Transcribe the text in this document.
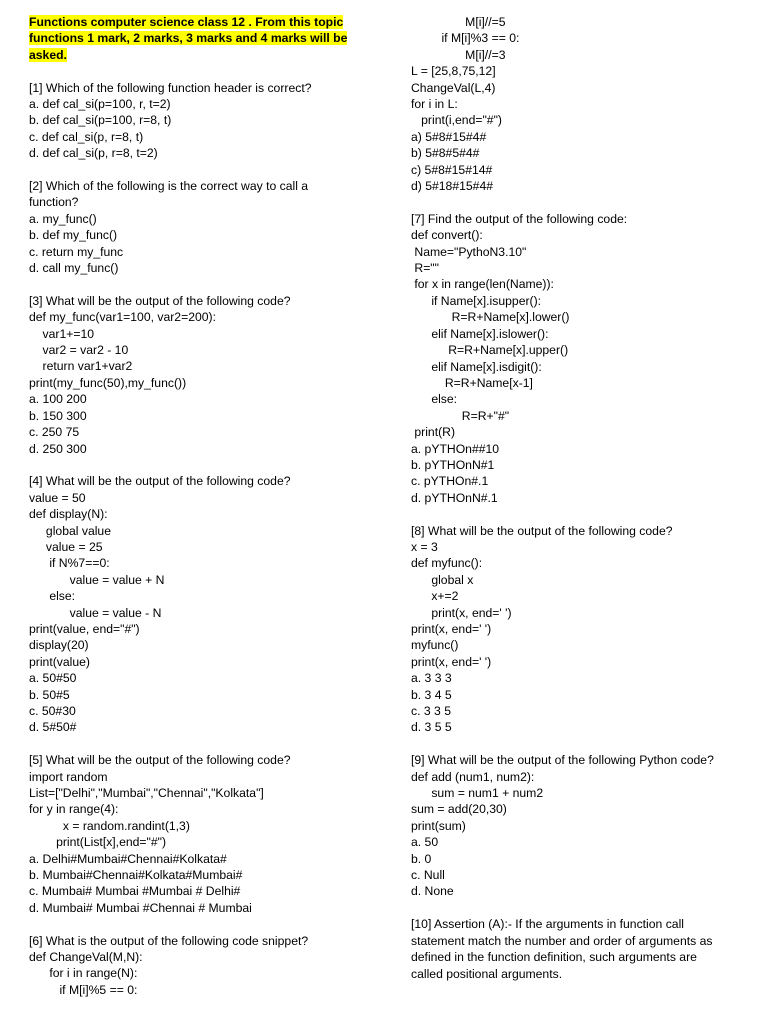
Functions computer science class 12 . From this topic functions 1 mark, 2 marks, 3 marks and 4 marks will be asked.
[1] Which of the following function header is correct?
a. def cal_si(p=100, r, t=2)
b. def cal_si(p=100, r=8, t)
c. def cal_si(p, r=8, t)
d. def cal_si(p, r=8, t=2)
[2] Which of the following is the correct way to call a
function?
a. my_func()
b. def my_func()
c. return my_func
d. call my_func()
[3] What will be the output of the following code?
def my_func(var1=100, var2=200):
var1+=10
var2 = var2 - 10
return var1+var2
print(my_func(50),my_func())
a. 100 200
b. 150 300
c. 250 75
d. 250 300
[4] What will be the output of the following code?
value = 50
def display(N):
global value
value = 25
if N%7==0:
value = value + N
else:
value = value - N
print(value, end="#")
display(20)
print(value)
a. 50#50
b. 50#5
c. 50#30
d. 5#50#
[5] What will be the output of the following code?
import random
List=["Delhi","Mumbai","Chennai","Kolkata"]
for y in range(4):
x = random.randint(1,3)
print(List[x],end="#")
a. Delhi#Mumbai#Chennai#Kolkata#
b. Mumbai#Chennai#Kolkata#Mumbai#
c. Mumbai# Mumbai #Mumbai # Delhi#
d. Mumbai# Mumbai #Chennai # Mumbai
[6] What is the output of the following code snippet?
def ChangeVal(M,N):
for i in range(N):
if M[i]%5 == 0:
M[i]//=5
if M[i]%3 == 0:
M[i]//=3
L = [25,8,75,12]
ChangeVal(L,4)
for i in L:
print(i,end="#")
a) 5#8#15#4#
b) 5#8#5#4#
c) 5#8#15#14#
d) 5#18#15#4#
[7] Find the output of the following code:
def convert():
Name="PythoN3.10"
R=""
for x in range(len(Name)):
if Name[x].isupper():
R=R+Name[x].lower()
elif Name[x].islower():
R=R+Name[x].upper()
elif Name[x].isdigit():
R=R+Name[x-1]
else:
R=R+"#"
print(R)
a. pYTHOn##10
b. pYTHOnN#1
c. pYTHOn#.1
d. pYTHOnN#.1
[8] What will be the output of the following code?
x = 3
def myfunc():
global x
x+=2
print(x, end=' ')
print(x, end=' ')
myfunc()
print(x, end=' ')
a. 3 3 3
b. 3 4 5
c. 3 3 5
d. 3 5 5
[9] What will be the output of the following Python code?
def add (num1, num2):
sum = num1 + num2
sum = add(20,30)
print(sum)
a. 50
b. 0
c. Null
d. None
[10] Assertion (A):- If the arguments in function call
statement match the number and order of arguments as
defined in the function definition, such arguments are
called positional arguments.
